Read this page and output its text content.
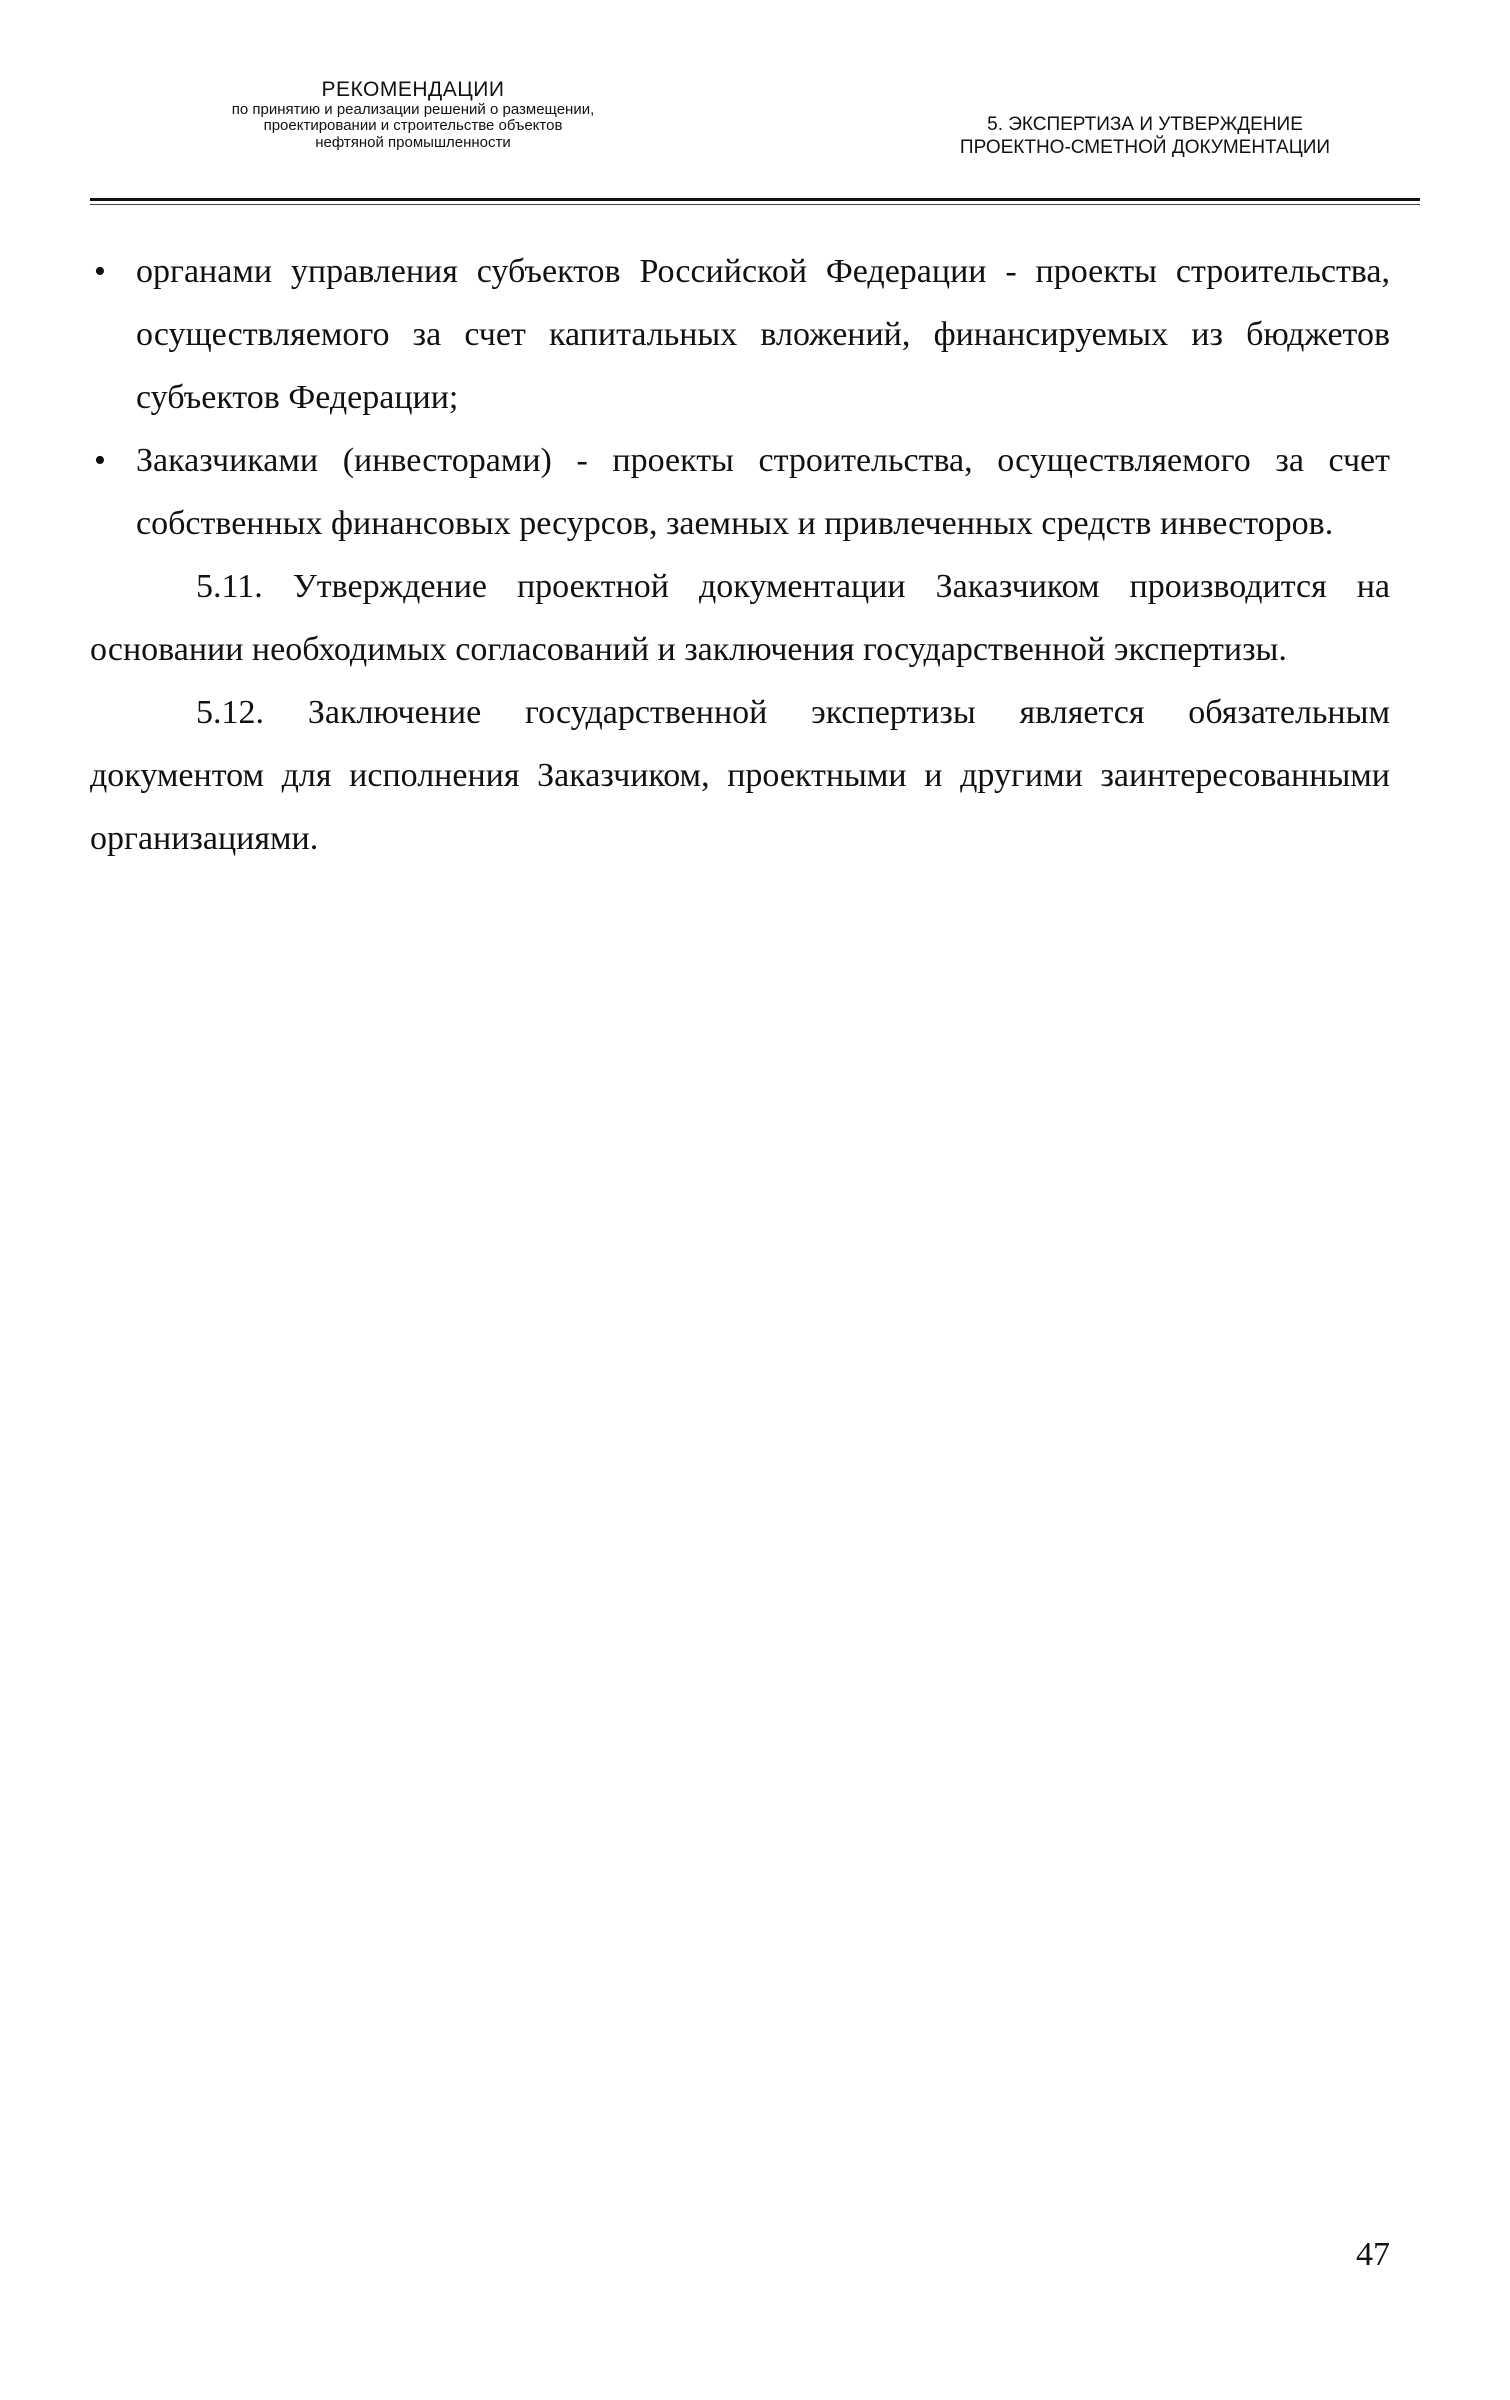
РЕКОМЕНДАЦИИ
по принятию и реализации решений о размещении,
проектировании и строительстве объектов
нефтяной промышленности
5. ЭКСПЕРТИЗА И УТВЕРЖДЕНИЕ
ПРОЕКТНО-СМЕТНОЙ ДОКУМЕНТАЦИИ
• органами управления субъектов Российской Федерации - проекты строительства, осуществляемого за счет капитальных вложений, финансируемых из бюджетов субъектов Федерации;
• Заказчиками (инвесторами) - проекты строительства, осуществляемого за счет собственных финансовых ресурсов, заемных и привлеченных средств инвесторов.
5.11. Утверждение проектной документации Заказчиком производится на основании необходимых согласований и заключения государственной экспертизы.
5.12. Заключение государственной экспертизы является обязательным документом для исполнения Заказчиком, проектными и другими заинтересованными организациями.
47
